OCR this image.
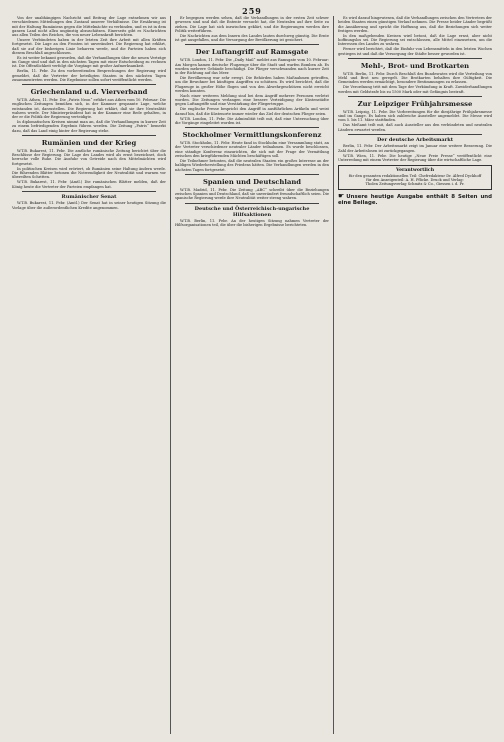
259

Von der unabhängigen Nachricht und Beitrag der Lage entnehmen wir aus verschiedenen Mitteilungen den Zustand unserer Verhältnisse. Die Ernährung ist mit der Haltung Rumäniens gegen die Mittelmächte zu verbinden, und es ist in dem ganzen Land nicht allzu ungünstig abzuschätzen. Einerseits gibt es Nachrichten aus allen Teilen des Reiches, die von neuer Lebenskraft berichten.

Unsere Verbündeten haben in der letzten Zeit ihre Arbeit mit allen Kräften fortgesetzt. Die Lage an den Fronten ist unverändert. Die Regierung hat erklärt, daß sie auf der bisherigen Linie beharren werde, und die Parteien haben sich diesem Beschluß angeschlossen.

Es ist weiter bekannt geworden, daß die Verhandlungen über die neuen Verträge im Gange sind und daß in den nächsten Tagen mit einer Entscheidung zu rechnen ist. Die Öffentlichkeit verfolgt die Vorgänge mit großer Aufmerksamkeit.

Berlin, 11. Febr. Zu den vorbereitenden Besprechungen der Regierung wird gemeldet, daß die Vertreter der beteiligten Staaten in den nächsten Tagen zusammentreten werden. Die Ergebnisse sollen sofort veröffentlicht werden.

Griechenland u.d. Vierverband

W.T.B. Athen, 11. Febr. Die „Patris Neon“ erfährt aus Athen vom 10. Februar: Die englischen Zeitungen bemühen sich, in der Kammer gespannte Lage, welche entstanden ist, darzustellen. Die Regierung hat erklärt, daß sie ihre Neutralität wahren werde. Der Ministerpräsident hat in der Kammer eine Rede gehalten, in der er die Politik der Regierung verteidigte.

In diplomatischen Kreisen nimmt man an, daß die Verhandlungen in kurzer Zeit zu einem befriedigenden Ergebnis führen werden. Die Zeitung „Patris“ bemerkt dazu, daß das Land einig hinter der Regierung stehe.

Rumänien und der Krieg

W.T.B. Bukarest, 11. Febr. Die amtliche rumänische Zeitung berichtet über die Beschlüsse der Regierung. Die Lage des Landes wird als ernst bezeichnet, doch herrsche volle Ruhe. Die Ausfuhr von Getreide nach den Mittelmächten wird fortgesetzt.

In politischen Kreisen wird erörtert, ob Rumänien seine Haltung ändern werde. Die führenden Blätter betonen die Notwendigkeit der Neutralität und warnen vor übereilten Schritten.

W.T.B. Bukarest, 11. Febr. (Amtl.) Die rumänischen Blätter melden, daß der König heute die Vertreter der Parteien empfangen hat.

Rumänischer Senat

W.T.B. Bukarest, 11. Febr. (Amtl.) Der Senat hat in seiner heutigen Sitzung die Vorlage über die außerordentlichen Kredite angenommen.

Er begegnen werden sehen, daß die Verhandlungen in der ersten Zeit schwer gewesen sind und daß die Entente versucht hat, die Neutralen auf ihre Seite zu ziehen. Die Lage hat sich inzwischen geklärt, und die Regierungen werden ihre Politik weiterführen.

Die Nachrichten aus dem Innern des Landes lauten durchweg günstig. Die Ernte ist gut ausgefallen, und die Versorgung der Bevölkerung ist gesichert.

Der Luftangriff auf Ramsgate

W.T.B. London, 11. Febr. Die „Daily Mail“ meldet aus Ramsgate vom 10. Februar: Am Morgen kamen deutsche Flugzeuge über die Stadt und warfen Bomben ab. Es wurden mehrere Gebäude beschädigt. Die Flieger verschwanden nach kurzer Zeit in der Richtung auf das Meer.

Die Bevölkerung war sehr erregt. Die Behörden haben Maßnahmen getroffen, um die Bewohner bei künftigen Angriffen zu schützen. Es wird berichtet, daß die Flugzeuge in großer Höhe flogen und von den Abwehrgeschützen nicht erreicht werden konnten.

Nach einer weiteren Meldung sind bei dem Angriff mehrere Personen verletzt worden. Die Zeitungen verlangen eine bessere Verteidigung der Küstenstädte gegen Luftangriffe und eine Verstärkung der Fliegertruppe.

Die englische Presse bespricht den Angriff in ausführlichen Artikeln und weist darauf hin, daß die Küstenorte immer wieder das Ziel der deutschen Flieger seien.

W.T.B. London, 11. Febr. Die Admiralität teilt mit, daß eine Untersuchung über die Vorgänge eingeleitet worden ist.

Stockholmer Vermittlungskonferenz

W.T.B. Stockholm, 11. Febr. Heute fand in Stockholm eine Versammlung statt, an der Vertreter verschiedener neutraler Länder teilnahmen. Es wurde beschlossen, eine ständige Konferenz einzurichten, die sich mit der Frage der Vermittlung zwischen den kriegführenden Mächten beschäftigen soll.

Die Teilnehmer betonten, daß die neutralen Staaten ein großes Interesse an der baldigen Wiederherstellung des Friedens hätten. Die Verhandlungen werden in den nächsten Tagen fortgesetzt.

Spanien und Deutschland

W.T.B. Madrid, 11. Febr. Die Zeitung „ABC“ schreibt über die Beziehungen zwischen Spanien und Deutschland, daß sie unverändert freundschaftlich seien. Die spanische Regierung werde ihre Neutralität weiter streng wahren.

Deutsche und Österreichisch-ungarische Hilfsaktionen

W.T.B. Berlin, 11. Febr. An der heutigen Sitzung nahmen Vertreter der Hilfsorganisationen teil, die über die bisherigen Ergebnisse berichteten.

Es wird darauf hingewiesen, daß die Verhandlungen zwischen den Vertretern der beiden Staaten einen günstigen Verlauf nehmen. Die Presse beider Länder begrüßt die Annäherung und spricht die Hoffnung aus, daß die Beziehungen sich weiter festigen werden.

In den maßgebenden Kreisen wird betont, daß die Lage ernst, aber nicht hoffnungslos sei. Die Regierung sei entschlossen, alle Mittel einzusetzen, um die Interessen des Landes zu wahren.

Ferner wird berichtet, daß die Einfuhr von Lebensmitteln in den letzten Wochen gestiegen ist und daß die Versorgung der Städte besser geworden ist.

Mehl-, Brot- und Brotkarten

W.T.B. Berlin, 11. Febr. Durch Beschluß des Bundesrates wird die Verteilung von Mehl und Brot neu geregelt. Die Brotkarten behalten ihre Gültigkeit. Die Gemeinden werden ermächtigt, besondere Bestimmungen zu erlassen.

Die Verordnung tritt mit dem Tage der Verkündung in Kraft. Zuwiderhandlungen werden mit Geldstrafe bis zu 1500 Mark oder mit Gefängnis bestraft.

Zur Leipziger Frühjahrsmesse

W.T.B. Leipzig, 11. Febr. Die Vorbereitungen für die diesjährige Frühjahrsmesse sind im Gange. Es haben sich zahlreiche Aussteller angemeldet. Die Messe wird vom 5. bis 11. März stattfinden.

Das Meßamt teilt mit, daß auch Aussteller aus den verbündeten und neutralen Ländern erwartet werden.

Der deutsche Arbeitsmarkt

Berlin, 11. Febr. Der Arbeitsmarkt zeigt im Januar eine weitere Besserung. Die Zahl der Arbeitslosen ist zurückgegangen.

W.T.B. Wien, 11. Febr. Die heutige „Neue Freie Presse“ veröffentlicht eine Unterredung mit einem Vertreter der Regierung über die wirtschaftliche Lage.

Verantwortlich
für den gesamten redaktionellen Teil: Chefredakteur Dr. Alfred Dyckhoff
für den Anzeigenteil: A. H. Pflicke. Druck und Verlag:
Tholen Zeitungsverlag Schmitz & Co., Giessen i. d. Pr.
☛ Unsere heutige Ausgabe enthält 8 Seiten und eine Beilage.
